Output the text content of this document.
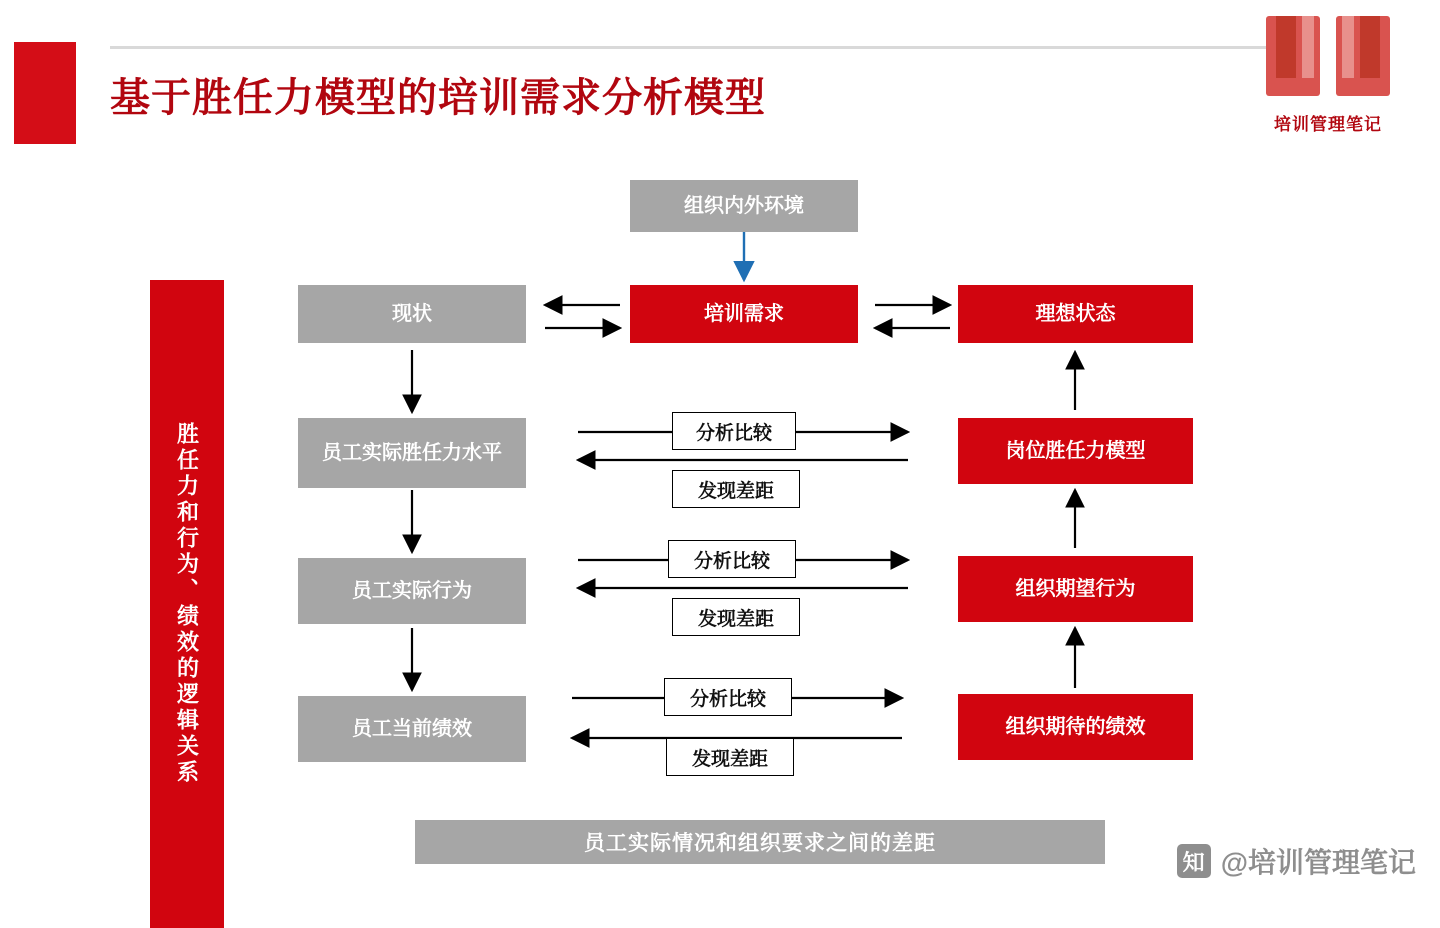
基于胜任力模型的培训需求分析模型
培训管理笔记
胜任力和行为、绩效的逻辑关系
组织内外环境
现状	培训需求	理想状态
员工实际胜任力水平
员工实际行为
员工当前绩效
岗位胜任力模型
组织期望行为
组织期待的绩效
分析比较
发现差距
分析比较
发现差距
分析比较
发现差距
员工实际情况和组织要求之间的差距
知 @培训管理笔记
